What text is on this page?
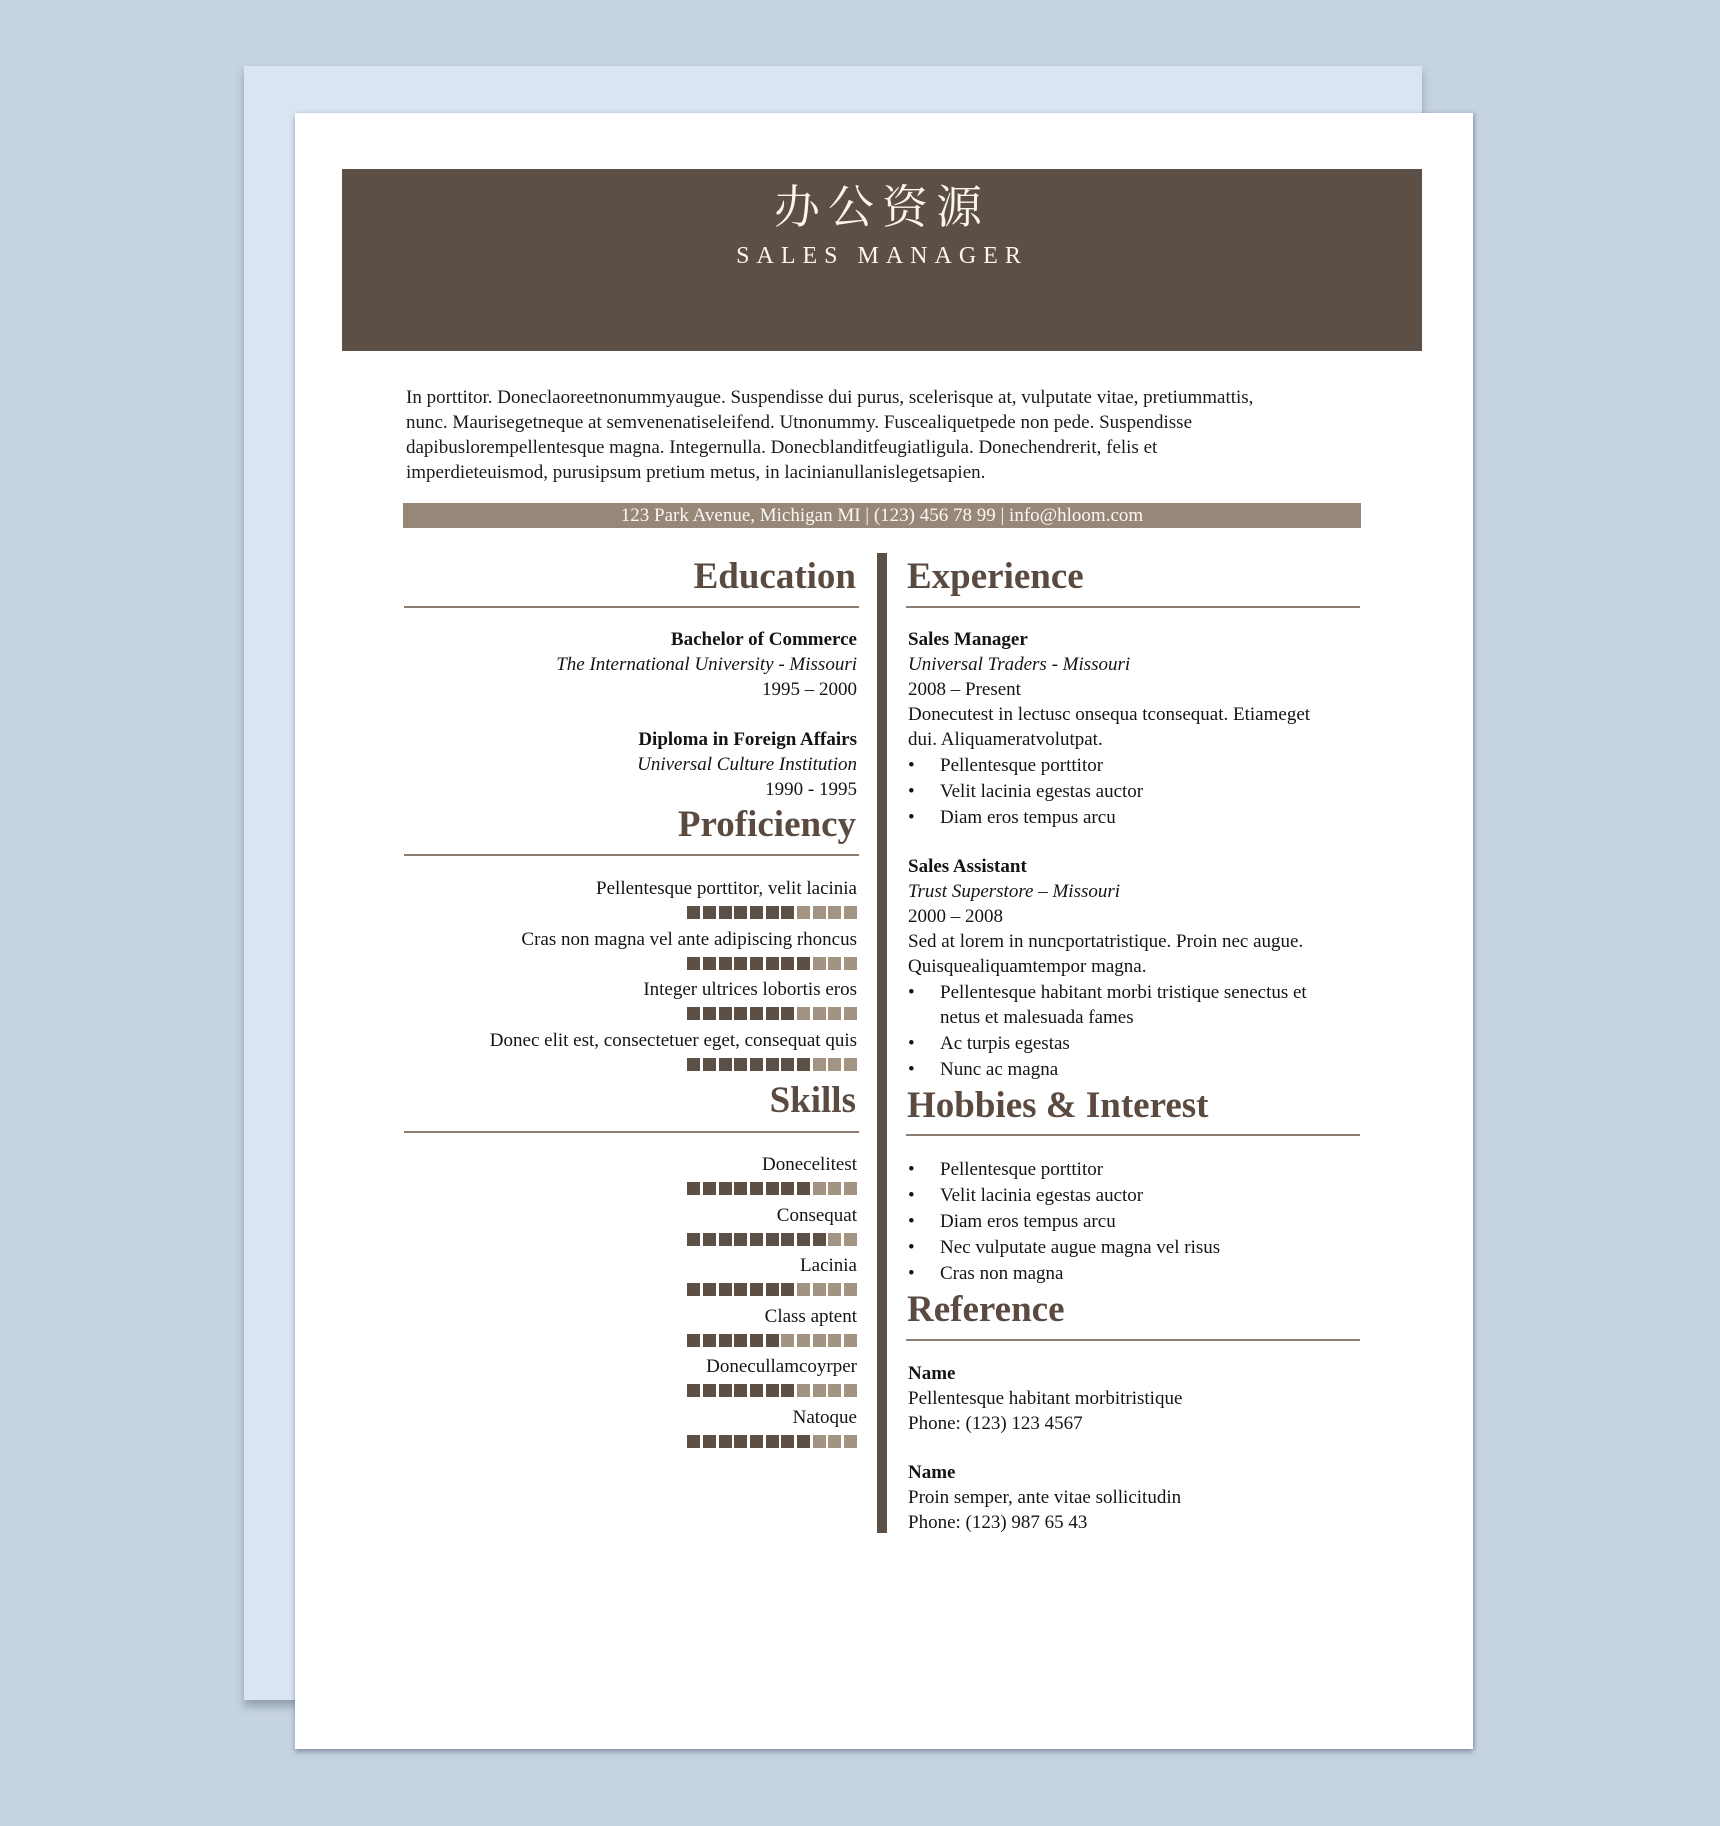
办公资源
SALES MANAGER
In porttitor. Doneclaoreetnonummyaugue. Suspendisse dui purus, scelerisque at, vulputate vitae, pretiummattis,
nunc. Maurisegetneque at semvenenatiseleifend. Utnonummy. Fuscealiquetpede non pede. Suspendisse
dapibuslorempellentesque magna. Integernulla. Donecblanditfeugiatligula. Donechendrerit, felis et
imperdieteuismod, purusipsum pretium metus, in lacinianullanislegetsapien.
123 Park Avenue, Michigan MI | (123) 456 78 99 | info@hloom.com
Education
Bachelor of Commerce
The International University - Missouri
1995 – 2000
Diploma in Foreign Affairs
Universal Culture Institution
1990 - 1995
Proficiency
Pellentesque porttitor, velit lacinia
Cras non magna vel ante adipiscing rhoncus
Integer ultrices lobortis eros
Donec elit est, consectetuer eget, consequat quis
Skills
Donecelitest
Consequat
Lacinia
Class aptent
Donecullamcoyrper
Natoque
Experience
Sales Manager
Universal Traders - Missouri
2008 – Present
Donecutest in lectusc onsequa tconsequat. Etiameget
dui. Aliquameratvolutpat.
•	Pellentesque porttitor
•	Velit lacinia egestas auctor
•	Diam eros tempus arcu
Sales Assistant
Trust Superstore – Missouri
2000 – 2008
Sed at lorem in nuncportatristique. Proin nec augue.
Quisquealiquamtempor magna.
•	Pellentesque habitant morbi tristique senectus et
netus et malesuada fames
•	Ac turpis egestas
•	Nunc ac magna
Hobbies & Interest
•	Pellentesque porttitor
•	Velit lacinia egestas auctor
•	Diam eros tempus arcu
•	Nec vulputate augue magna vel risus
•	Cras non magna
Reference
Name
Pellentesque habitant morbitristique
Phone: (123) 123 4567
Name
Proin semper, ante vitae sollicitudin
Phone: (123) 987 65 43
